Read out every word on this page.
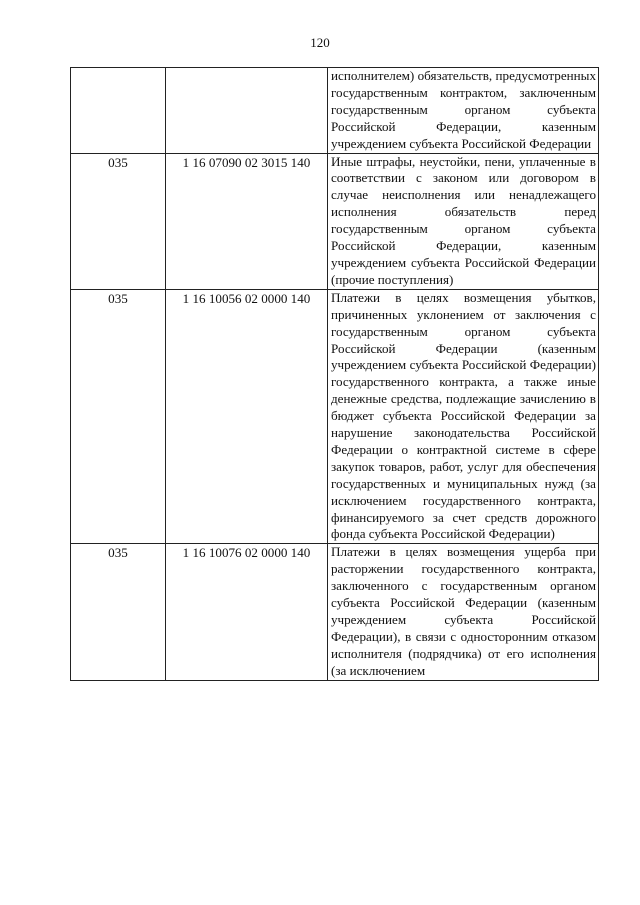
120
		исполнителем) обязательств, предусмотренных государственным контрактом, заключенным государственным органом субъекта Российской Федерации, казенным учреждением субъекта Российской Федерации
035	1 16 07090 02 3015 140	Иные штрафы, неустойки, пени, уплаченные в соответствии с законом или договором в случае неисполнения или ненадлежащего исполнения обязательств перед государственным органом субъекта Российской Федерации, казенным учреждением субъекта Российской Федерации (прочие поступления)
035	1 16 10056 02 0000 140	Платежи в целях возмещения убытков, причиненных уклонением от заключения с государственным органом субъекта Российской Федерации (казенным учреждением субъекта Российской Федерации) государственного контракта, а также иные денежные средства, подлежащие зачислению в бюджет субъекта Российской Федерации за нарушение законодательства Российской Федерации о контрактной системе в сфере закупок товаров, работ, услуг для обеспечения государственных и муниципальных нужд (за исключением государственного контракта, финансируемого за счет средств дорожного фонда субъекта Российской Федерации)
035	1 16 10076 02 0000 140	Платежи в целях возмещения ущерба при расторжении государственного контракта, заключенного с государственным органом субъекта Российской Федерации (казенным учреждением субъекта Российской Федерации), в связи с односторонним отказом исполнителя (подрядчика) от его исполнения (за исключением
